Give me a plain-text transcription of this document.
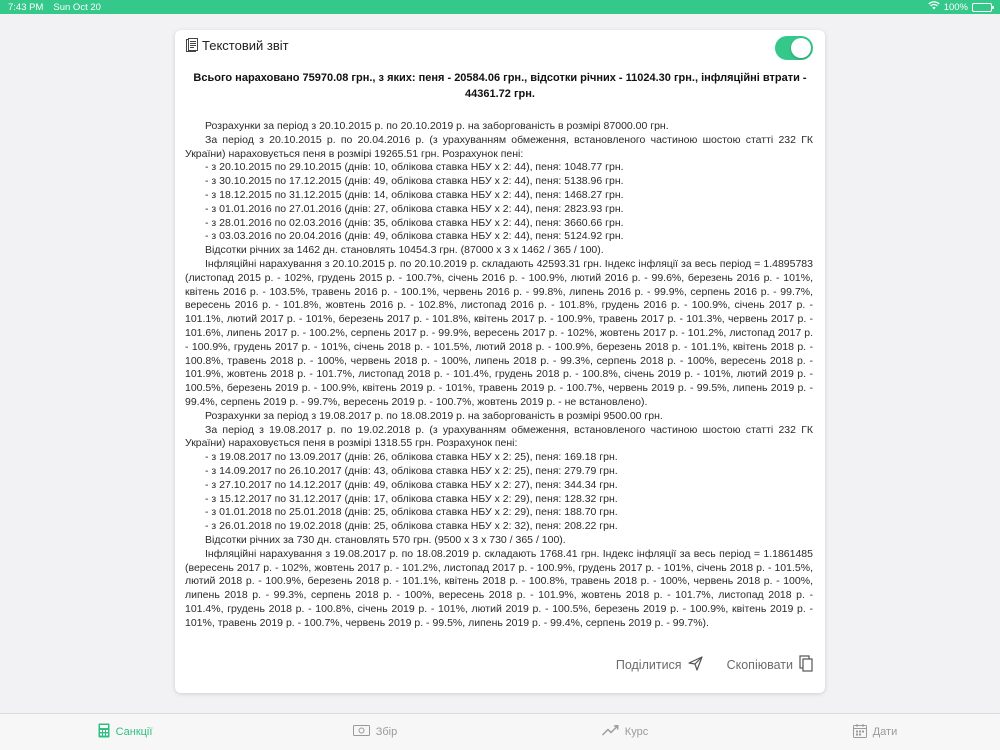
7:43 PM Sun Oct 20	100%
Текстовий звіт
Всього нараховано 75970.08 грн., з яких: пеня - 20584.06 грн., відсотки річних - 11024.30 грн., інфляційні втрати - 44361.72 грн.

Розрахунки за період з 20.10.2015 р. по 20.10.2019 р. на заборгованість в розмірі 87000.00 грн.

За період з 20.10.2015 р. по 20.04.2016 р. (з урахуванням обмеження, встановленого частиною шостою статті 232 ГК України) нараховується пеня в розмірі 19265.51 грн. Розрахунок пені:

- з 20.10.2015 по 29.10.2015 (днів: 10, облікова ставка НБУ х 2: 44), пеня: 1048.77 грн.

- з 30.10.2015 по 17.12.2015 (днів: 49, облікова ставка НБУ х 2: 44), пеня: 5138.96 грн.

- з 18.12.2015 по 31.12.2015 (днів: 14, облікова ставка НБУ х 2: 44), пеня: 1468.27 грн.

- з 01.01.2016 по 27.01.2016 (днів: 27, облікова ставка НБУ х 2: 44), пеня: 2823.93 грн.

- з 28.01.2016 по 02.03.2016 (днів: 35, облікова ставка НБУ х 2: 44), пеня: 3660.66 грн.

- з 03.03.2016 по 20.04.2016 (днів: 49, облікова ставка НБУ х 2: 44), пеня: 5124.92 грн.

Відсотки річних за 1462 дн. становлять 10454.3 грн. (87000 х 3 х 1462 / 365 / 100).

Інфляційні нарахування з 20.10.2015 р. по 20.10.2019 р. складають 42593.31 грн. Індекс інфляції за весь період = 1.4895783 (листопад 2015 р. - 102%, грудень 2015 р. - 100.7%, січень 2016 р. - 100.9%, лютий 2016 р. - 99.6%, березень 2016 р. - 101%, квітень 2016 р. - 103.5%, травень 2016 р. - 100.1%, червень 2016 р. - 99.8%, липень 2016 р. - 99.9%, серпень 2016 р. - 99.7%, вересень 2016 р. - 101.8%, жовтень 2016 р. - 102.8%, листопад 2016 р. - 101.8%, грудень 2016 р. - 100.9%, січень 2017 р. - 101.1%, лютий 2017 р. - 101%, березень 2017 р. - 101.8%, квітень 2017 р. - 100.9%, травень 2017 р. - 101.3%, червень 2017 р. - 101.6%, липень 2017 р. - 100.2%, серпень 2017 р. - 99.9%, вересень 2017 р. - 102%, жовтень 2017 р. - 101.2%, листопад 2017 р. - 100.9%, грудень 2017 р. - 101%, січень 2018 р. - 101.5%, лютий 2018 р. - 100.9%, березень 2018 р. - 101.1%, квітень 2018 р. - 100.8%, травень 2018 р. - 100%, червень 2018 р. - 100%, липень 2018 р. - 99.3%, серпень 2018 р. - 100%, вересень 2018 р. - 101.9%, жовтень 2018 р. - 101.7%, листопад 2018 р. - 101.4%, грудень 2018 р. - 100.8%, січень 2019 р. - 101%, лютий 2019 р. - 100.5%, березень 2019 р. - 100.9%, квітень 2019 р. - 101%, травень 2019 р. - 100.7%, червень 2019 р. - 99.5%, липень 2019 р. - 99.4%, серпень 2019 р. - 99.7%, вересень 2019 р. - 100.7%, жовтень 2019 р. - не встановлено).

Розрахунки за період з 19.08.2017 р. по 18.08.2019 р. на заборгованість в розмірі 9500.00 грн.

За період з 19.08.2017 р. по 19.02.2018 р. (з урахуванням обмеження, встановленого частиною шостою статті 232 ГК України) нараховується пеня в розмірі 1318.55 грн. Розрахунок пені:

- з 19.08.2017 по 13.09.2017 (днів: 26, облікова ставка НБУ х 2: 25), пеня: 169.18 грн.

- з 14.09.2017 по 26.10.2017 (днів: 43, облікова ставка НБУ х 2: 25), пеня: 279.79 грн.

- з 27.10.2017 по 14.12.2017 (днів: 49, облікова ставка НБУ х 2: 27), пеня: 344.34 грн.

- з 15.12.2017 по 31.12.2017 (днів: 17, облікова ставка НБУ х 2: 29), пеня: 128.32 грн.

- з 01.01.2018 по 25.01.2018 (днів: 25, облікова ставка НБУ х 2: 29), пеня: 188.70 грн.

- з 26.01.2018 по 19.02.2018 (днів: 25, облікова ставка НБУ х 2: 32), пеня: 208.22 грн.

Відсотки річних за 730 дн. становлять 570 грн. (9500 х 3 х 730 / 365 / 100).

Інфляційні нарахування з 19.08.2017 р. по 18.08.2019 р. складають 1768.41 грн. Індекс інфляції за весь період = 1.1861485 (вересень 2017 р. - 102%, жовтень 2017 р. - 101.2%, листопад 2017 р. - 100.9%, грудень 2017 р. - 101%, січень 2018 р. - 101.5%, лютий 2018 р. - 100.9%, березень 2018 р. - 101.1%, квітень 2018 р. - 100.8%, травень 2018 р. - 100%, червень 2018 р. - 100%, липень 2018 р. - 99.3%, серпень 2018 р. - 100%, вересень 2018 р. - 101.9%, жовтень 2018 р. - 101.7%, листопад 2018 р. - 101.4%, грудень 2018 р. - 100.8%, січень 2019 р. - 101%, лютий 2019 р. - 100.5%, березень 2019 р. - 100.9%, квітень 2019 р. - 101%, травень 2019 р. - 100.7%, червень 2019 р. - 99.5%, липень 2019 р. - 99.4%, серпень 2019 р. - 99.7%).

Поділитися	Скопіювати
Санкції	Збір	Курс	Дати
